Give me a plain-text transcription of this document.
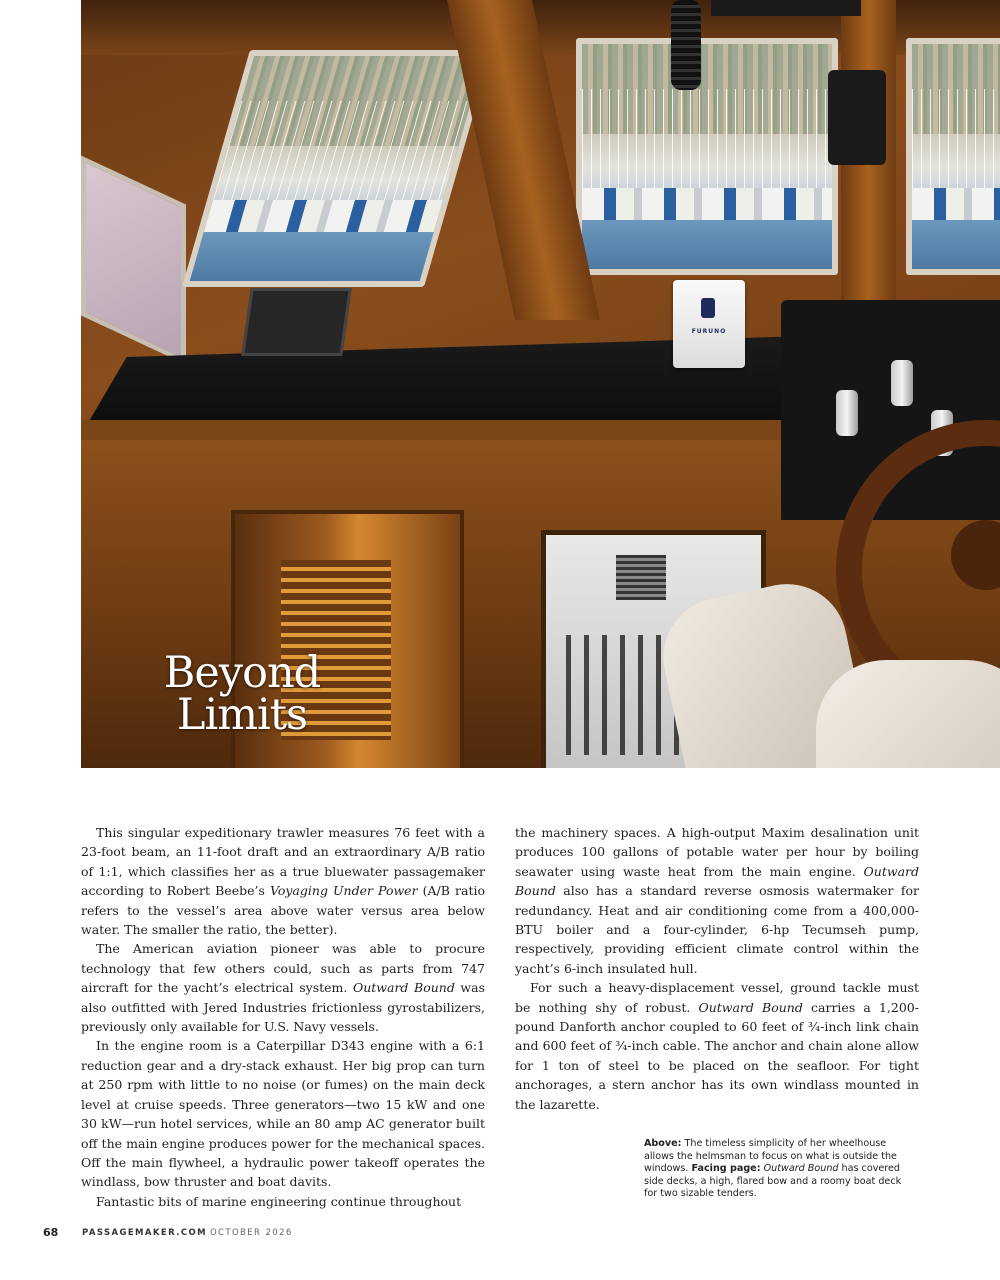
FURUNO
Beyond
Limits

This singular expeditionary trawler measures 76 feet with a 23-foot beam, an 11-foot draft and an extraordinary A/B ratio of 1:1, which classifies her as a true bluewater passagemaker according to Robert Beebe’s Voyaging Under Power (A/B ratio refers to the vessel’s area above water versus area below water. The smaller the ratio, the better).

The American aviation pioneer was able to procure technology that few others could, such as parts from 747 aircraft for the yacht’s electrical system. Outward Bound was also outfitted with Jered Industries frictionless gyrostabilizers, previously only available for U.S. Navy vessels.

In the engine room is a Caterpillar D343 engine with a 6:1 reduction gear and a dry-stack exhaust. Her big prop can turn at 250 rpm with little to no noise (or fumes) on the main deck level at cruise speeds. Three generators—two 15 kW and one 30 kW—run hotel services, while an 80 amp AC generator built off the main engine produces power for the mechanical spaces. Off the main flywheel, a hydraulic power takeoff operates the windlass, bow thruster and boat davits.

Fantastic bits of marine engineering continue throughout

the machinery spaces. A high-output Maxim desalination unit produces 100 gallons of potable water per hour by boiling seawater using waste heat from the main engine. Outward Bound also has a standard reverse osmosis watermaker for redundancy. Heat and air conditioning come from a 400,000-BTU boiler and a four-cylinder, 6-hp Tecumseh pump, respectively, providing efficient climate control within the yacht’s 6-inch insulated hull.

For such a heavy-displacement vessel, ground tackle must be nothing shy of robust. Outward Bound carries a 1,200-pound Danforth anchor coupled to 60 feet of ¾-inch link chain and 600 feet of ¾-inch cable. The anchor and chain alone allow for 1 ton of steel to be placed on the seafloor. For tight anchorages, a stern anchor has its own windlass mounted in the lazarette.

Above: The timeless simplicity of her wheelhouse allows the helmsman to focus on what is outside the windows. Facing page: Outward Bound has covered side decks, a high, flared bow and a roomy boat deck for two sizable tenders.
68	PASSAGEMAKER.COM OCTOBER 2026
